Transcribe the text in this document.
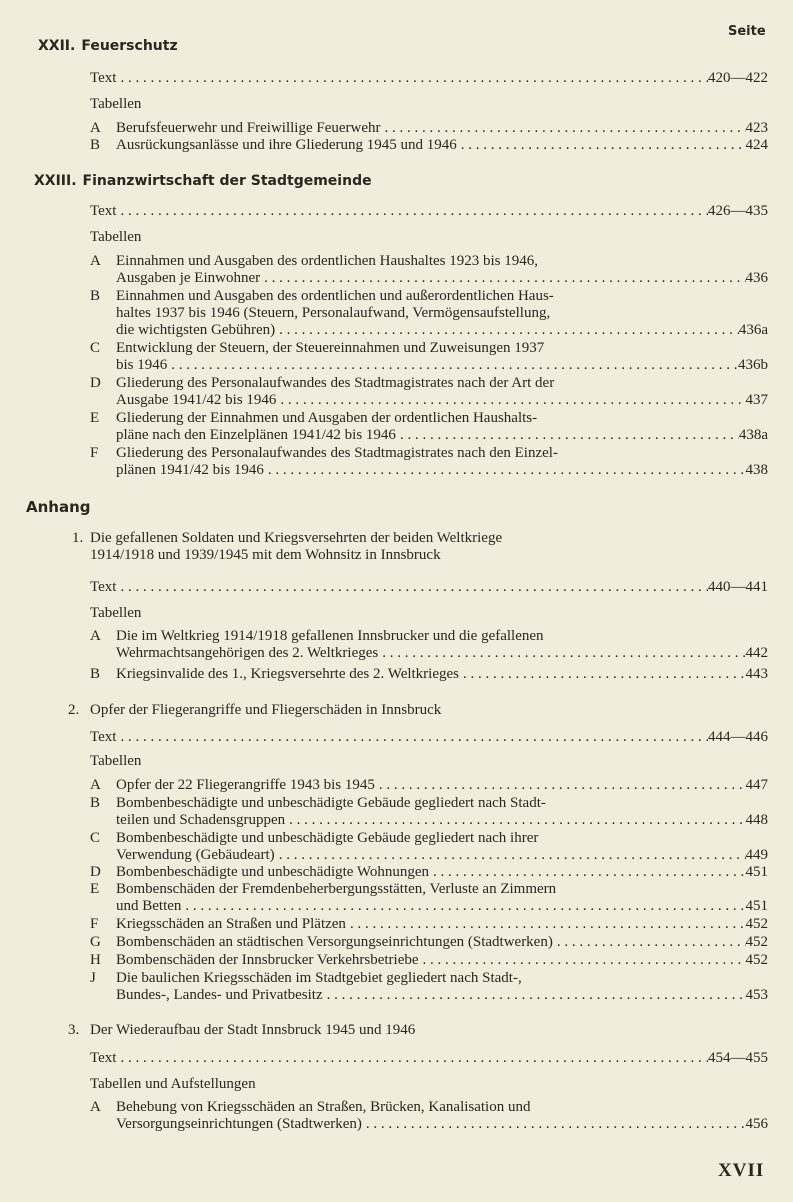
Seite
XXII. Feuerschutz
Text . . .	420—422
Tabellen
A	Berufsfeuerwehr und Freiwillige Feuerwehr . . .	423
B	Ausrückungsanlässe und ihre Gliederung 1945 und 1946 . . .	424
XXIII. Finanzwirtschaft der Stadtgemeinde
Text . . .	426—435
Tabellen
A	Einnahmen und Ausgaben des ordentlichen Haushaltes 1923 bis 1946,
Ausgaben je Einwohner . . .	436
B	Einnahmen und Ausgaben des ordentlichen und außerordentlichen Haus-
haltes 1937 bis 1946 (Steuern, Personalaufwand, Vermögensaufstellung,
die wichtigsten Gebühren) . . .	436a
C	Entwicklung der Steuern, der Steuereinnahmen und Zuweisungen 1937
bis 1946 . . .	436b
D	Gliederung des Personalaufwandes des Stadtmagistrates nach der Art der
Ausgabe 1941/42 bis 1946 . . .	437
E	Gliederung der Einnahmen und Ausgaben der ordentlichen Haushalts-
pläne nach den Einzelplänen 1941/42 bis 1946 . . .	438a
F	Gliederung des Personalaufwandes des Stadtmagistrates nach den Einzel-
plänen 1941/42 bis 1946 . . .	438
Anhang
1. Die gefallenen Soldaten und Kriegsversehrten der beiden Weltkriege
1914/1918 und 1939/1945 mit dem Wohnsitz in Innsbruck
Text . . .	440—441
Tabellen
A	Die im Weltkrieg 1914/1918 gefallenen Innsbrucker und die gefallenen
Wehrmachtsangehörigen des 2. Weltkrieges . . .	442
B	Kriegsinvalide des 1., Kriegsversehrte des 2. Weltkrieges . . .	443
2. Opfer der Fliegerangriffe und Fliegerschäden in Innsbruck
Text . . .	444—446
Tabellen
A	Opfer der 22 Fliegerangriffe 1943 bis 1945 . . .	447
B	Bombenbeschädigte und unbeschädigte Gebäude gegliedert nach Stadt-
teilen und Schadensgruppen . . .	448
C	Bombenbeschädigte und unbeschädigte Gebäude gegliedert nach ihrer
Verwendung (Gebäudeart) . . .	449
D	Bombenbeschädigte und unbeschädigte Wohnungen . . .	451
E	Bombenschäden der Fremdenbeherbergungsstätten, Verluste an Zimmern
und Betten . . .	451
F	Kriegsschäden an Straßen und Plätzen . . .	452
G	Bombenschäden an städtischen Versorgungseinrichtungen (Stadtwerken) . . .	452
H	Bombenschäden der Innsbrucker Verkehrsbetriebe . . .	452
J	Die baulichen Kriegsschäden im Stadtgebiet gegliedert nach Stadt-,
Bundes-, Landes- und Privatbesitz . . .	453
3. Der Wiederaufbau der Stadt Innsbruck 1945 und 1946
Text . . .	454—455
Tabellen und Aufstellungen
A	Behebung von Kriegsschäden an Straßen, Brücken, Kanalisation und
Versorgungseinrichtungen (Stadtwerken) . . .	456
XVII
